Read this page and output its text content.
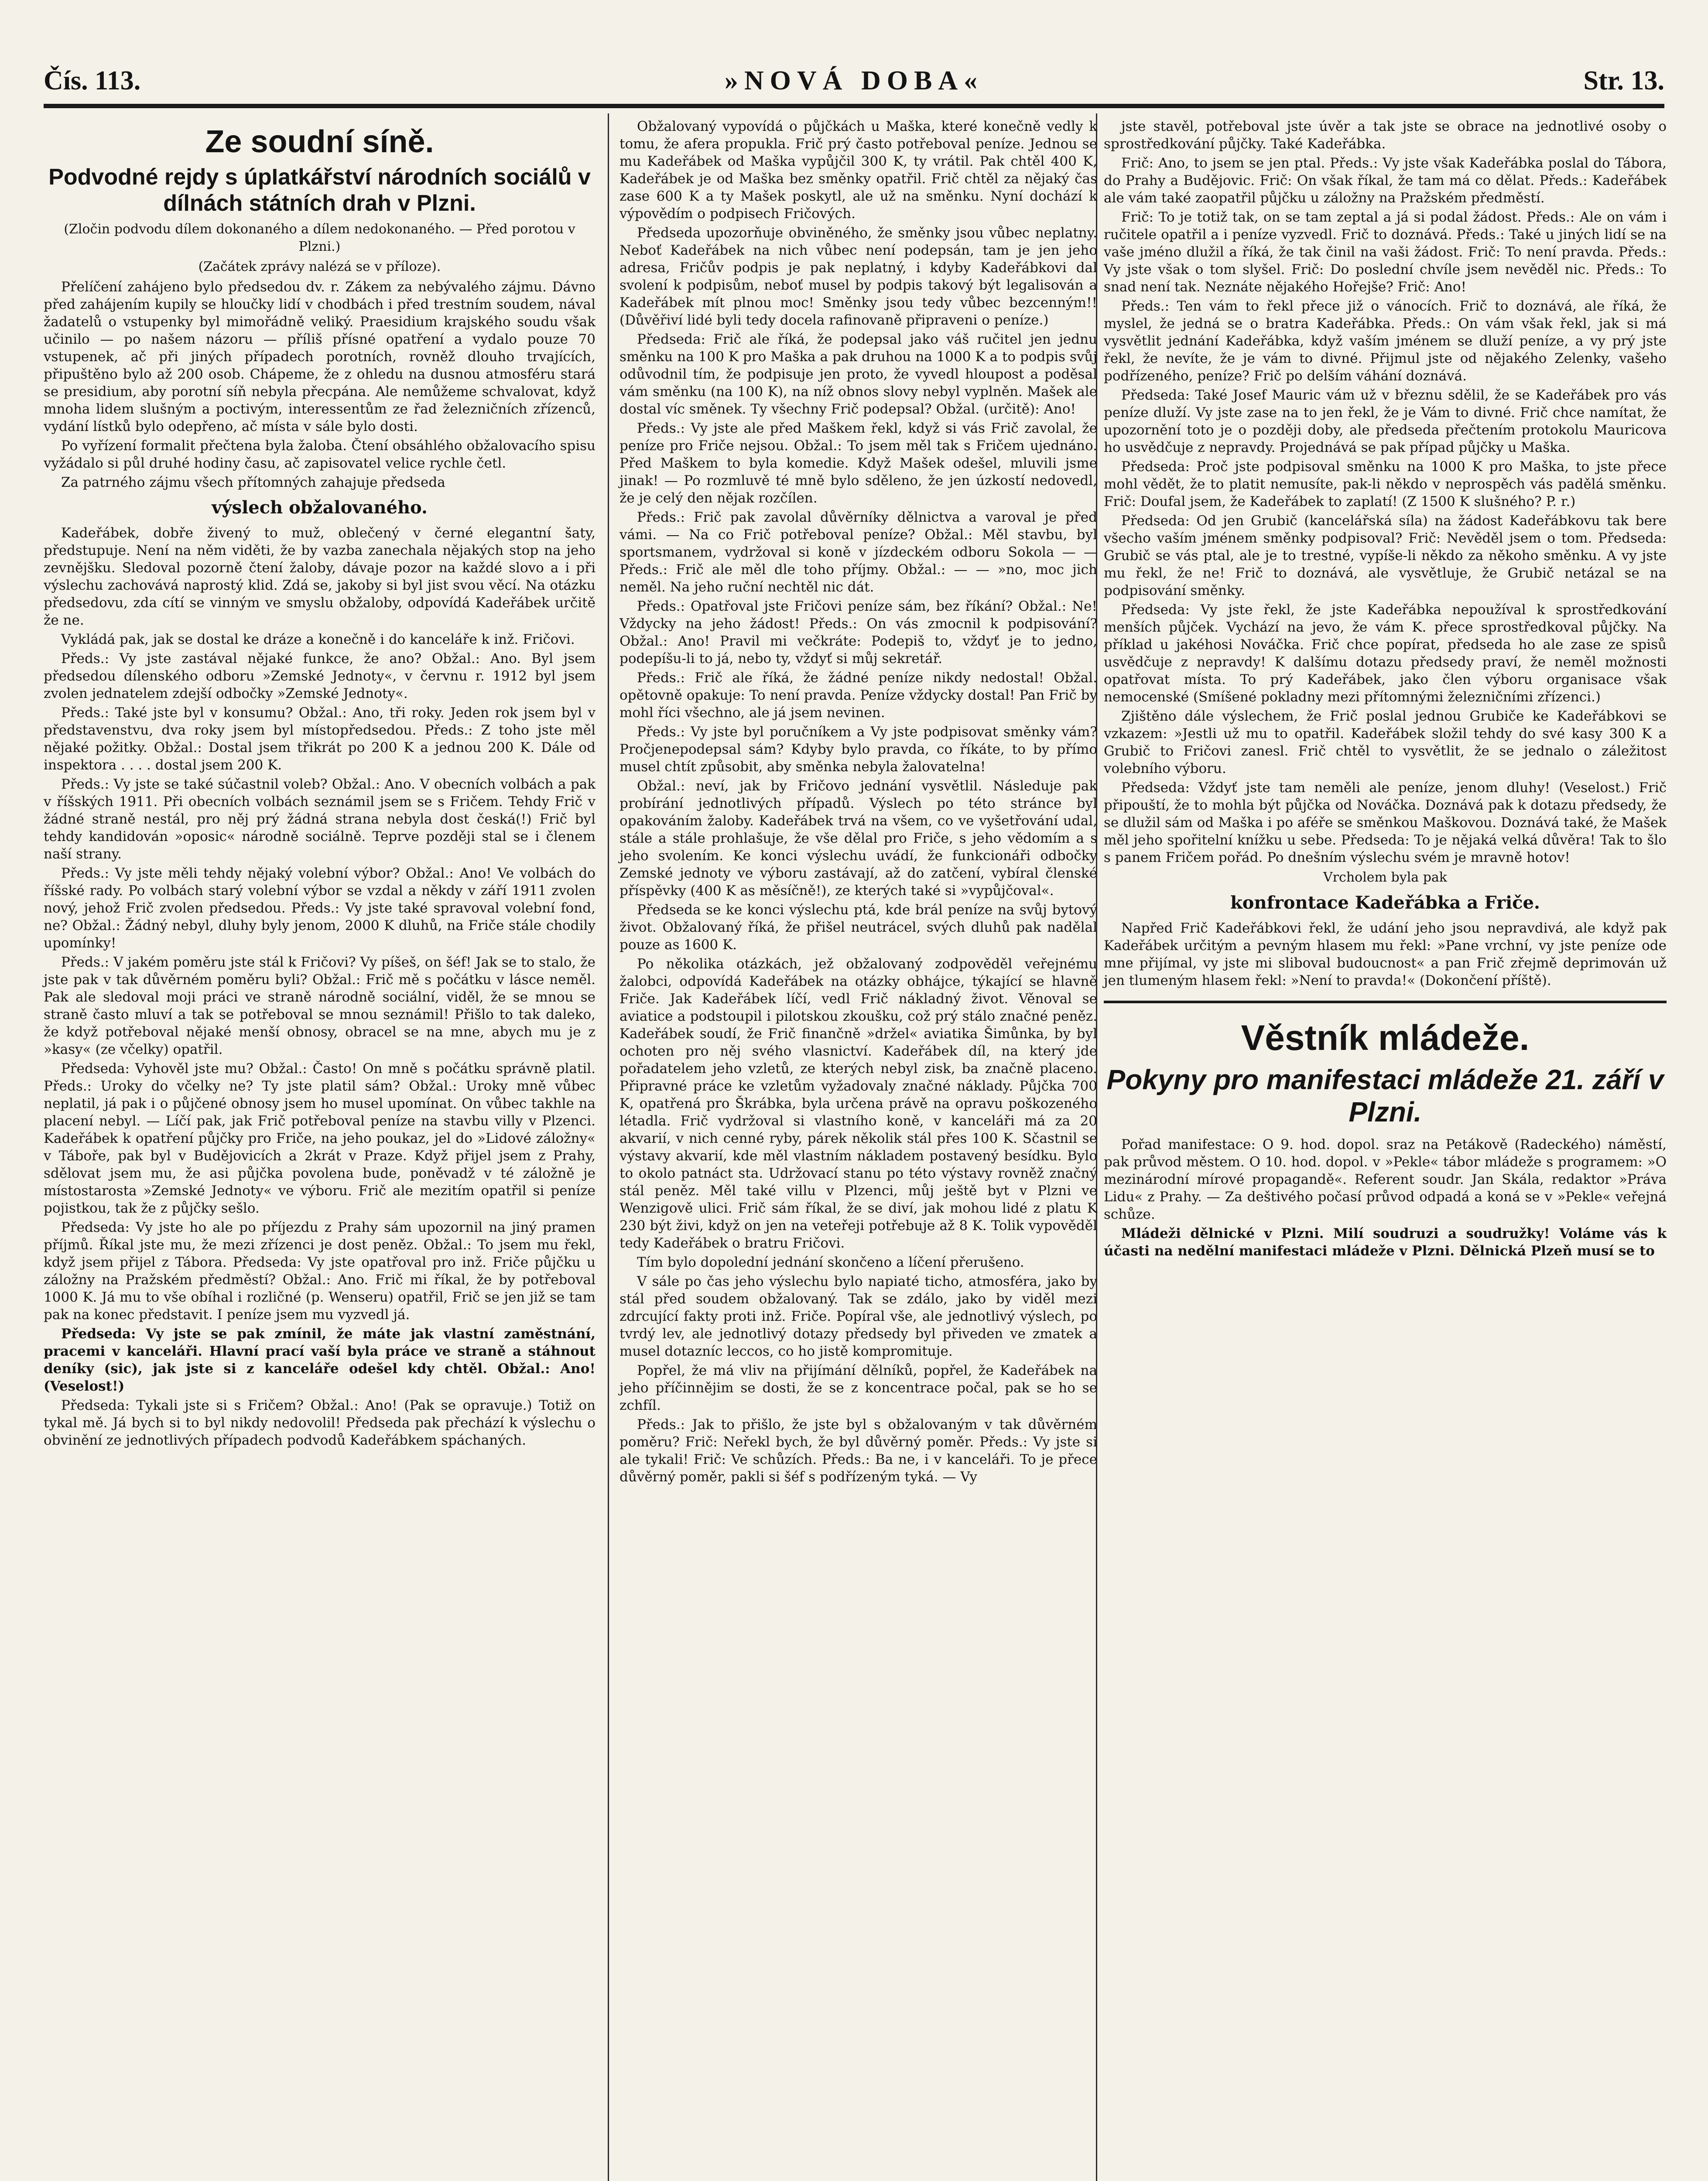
Čís. 113.	»NOVÁ DOBA«	Str. 13.
Ze soudní síně.
Podvodné rejdy s úpIatkářství národních sociálů v dílnách státních drah v Plzni.

(Zločin podvodu dílem dokonaného a dílem nedokonaného. — Před porotou v Plzni.)

(Začátek zprávy nalézá se v příloze).

Přelíčení zahájeno bylo předsedou dv. r. Zákem za nebývalého zájmu. Dávno před zahájením kupily se hloučky lidí v chodbách i před trestním soudem, nával žadatelů o vstupenky byl mimořádně veliký. Praesidium krajského soudu však učinilo — po našem názoru — příliš přísné opatření a vydalo pouze 70 vstupenek, ač při jiných případech porotních, rovněž dlouho trvajících, připuštěno bylo až 200 osob. Chápeme, že z ohledu na dusnou atmosféru stará se presidium, aby porotní síň nebyla přecpána. Ale nemůžeme schvalovat, když mnoha lidem slušným a poctivým, interessentům ze řad železničních zřízenců, vydání lístků bylo odepřeno, ač místa v sále bylo dosti.

Po vyřízení formalit přečtena byla žaloba. Čtení obsáhlého obžalovacího spisu vyžádalo si půl druhé hodiny času, ač zapisovatel velice rychle četl.

Za patrného zájmu všech přítomných zahajuje předseda

výslech obžalovaného.

Kadeřábek, dobře živený to muž, oblečený v černé elegantní šaty, předstupuje. Není na něm viděti, že by vazba zanechala nějakých stop na jeho zevnějšku. Sledoval pozorně čtení žaloby, dávaje pozor na každé slovo a i při výslechu zachovává naprostý klid. Zdá se, jakoby si byl jist svou věcí. Na otázku předsedovu, zda cítí se vinným ve smyslu obžaloby, odpovídá Kadeřábek určitě že ne.

Vykládá pak, jak se dostal ke dráze a konečně i do kanceláře k inž. Fričovi.

Předs.: Vy jste zastával nějaké funkce, že ano? Obžal.: Ano. Byl jsem předsedou dílenského odboru »Zemské Jednoty«, v červnu r. 1912 byl jsem zvolen jednatelem zdejší odbočky »Zemské Jednoty«.

Předs.: Také jste byl v konsumu? Obžal.: Ano, tři roky. Jeden rok jsem byl v představenstvu, dva roky jsem byl místopředsedou. Předs.: Z toho jste měl nějaké požitky. Obžal.: Dostal jsem třikrát po 200 K a jednou 200 K. Dále od inspektora . . . . dostal jsem 200 K.

Předs.: Vy jste se také súčastnil voleb? Obžal.: Ano. V obecních volbách a pak v říšských 1911. Při obecních volbách seznámil jsem se s Fričem. Tehdy Frič v žádné straně nestál, pro něj prý žádná strana nebyla dost česká(!) Frič byl tehdy kandidován »oposic« národně sociálně. Teprve později stal se i členem naší strany.

Předs.: Vy jste měli tehdy nějaký volební výbor? Obžal.: Ano! Ve volbách do říšské rady. Po volbách starý volební výbor se vzdal a někdy v září 1911 zvolen nový, jehož Frič zvolen předsedou. Předs.: Vy jste také spravoval volební fond, ne? Obžal.: Žádný nebyl, dluhy byly jenom, 2000 K dluhů, na Friče stále chodily upomínky!

Předs.: V jakém poměru jste stál k Fričovi? Vy píšeš, on šéf! Jak se to stalo, že jste pak v tak důvěrném poměru byli? Obžal.: Frič mě s počátku v lásce neměl. Pak ale sledoval moji práci ve straně národně sociální, viděl, že se mnou se straně často mluví a tak se potřeboval se mnou seznámil! Přišlo to tak daleko, že když potřeboval nějaké menší obnosy, obracel se na mne, abych mu je z »kasy« (ze včelky) opatřil.

Předseda: Vyhověl jste mu? Obžal.: Často! On mně s počátku správně platil. Předs.: Uroky do včelky ne? Ty jste platil sám? Obžal.: Uroky mně vůbec neplatil, já pak i o půjčené obnosy jsem ho musel upomínat. On vůbec takhle na placení nebyl. — Líčí pak, jak Frič potřeboval peníze na stavbu villy v Plzenci. Kadeřábek k opatření půjčky pro Friče, na jeho poukaz, jel do »Lidové záložny« v Táboře, pak byl v Budějovicích a 2krát v Praze. Když přijel jsem z Prahy, sdělovat jsem mu, že asi půjčka povolena bude, poněvadž v té záložně je místostarosta »Zemské Jednoty« ve výboru. Frič ale mezitím opatřil si peníze pojistkou, tak že z půjčky sešlo.

Předseda: Vy jste ho ale po příjezdu z Prahy sám upozornil na jiný pramen příjmů. Říkal jste mu, že mezi zřízenci je dost peněz. Obžal.: To jsem mu řekl, když jsem přijel z Tábora. Předseda: Vy jste opatřoval pro inž. Friče půjčku u záložny na Pražském předměstí? Obžal.: Ano. Frič mi říkal, že by potřeboval 1000 K. Já mu to vše obíhal i rozličné (p. Wenseru) opatřil, Frič se jen již se tam pak na konec představit. I peníze jsem mu vyzvedl já.

Předseda: Vy jste se pak zmínil, že máte jak vlastní zaměstnání, pracemi v kanceláři. Hlavní prací vaší byla práce ve straně a stáhnout deníky (sic), jak jste si z kanceláře odešel kdy chtěl. Obžal.: Ano! (Veselost!)

Předseda: Tykali jste si s Fričem? Obžal.: Ano! (Pak se opravuje.) Totiž on tykal mě. Já bych si to byl nikdy nedovolil! Předseda pak přechází k výslechu o obvinění ze jednotlivých případech podvodů Kadeřábkem spáchaných.

Obžalovaný vypovídá o půjčkách u Maška, které konečně vedly k tomu, že afera propukla. Frič prý často potřeboval peníze. Jednou se mu Kadeřábek od Maška vypůjčil 300 K, ty vrátil. Pak chtěl 400 K, Kadeřábek je od Maška bez směnky opatřil. Frič chtěl za nějaký čas zase 600 K a ty Mašek poskytl, ale už na směnku. Nyní dochází k výpovědím o podpisech Fričových.

Předseda upozorňuje obviněného, že směnky jsou vůbec neplatny. Neboť Kadeřábek na nich vůbec není podepsán, tam je jen jeho adresa, Fričův podpis je pak neplatný, i kdyby Kadeřábkovi dal svolení k podpisům, neboť musel by podpis takový být legalisován a Kadeřábek mít plnou moc! Směnky jsou tedy vůbec bezcenným!! (Důvěřiví lidé byli tedy docela rafinovaně připraveni o peníze.)

Předseda: Frič ale říká, že podepsal jako váš ručitel jen jednu směnku na 100 K pro Maška a pak druhou na 1000 K a to podpis svůj odůvodnil tím, že podpisuje jen proto, že vyvedl hloupost a poděsal vám směnku (na 100 K), na níž obnos slovy nebyl vyplněn. Mašek ale dostal víc směnek. Ty všechny Frič podepsal? Obžal. (určitě): Ano!

Předs.: Vy jste ale před Maškem řekl, když si vás Frič zavolal, že peníze pro Friče nejsou. Obžal.: To jsem měl tak s Fričem ujednáno. Před Maškem to byla komedie. Když Mašek odešel, mluvili jsme jinak! — Po rozmluvě té mně bylo sděleno, že jen úzkostí nedovedl, že je celý den nějak rozčílen.

Předs.: Frič pak zavolal důvěrníky dělnictva a varoval je před vámi. — Na co Frič potřeboval peníze? Obžal.: Měl stavbu, byl sportsmanem, vydržoval si koně v jízdeckém odboru Sokola — — Předs.: Frič ale měl dle toho příjmy. Obžal.: — — »no, moc jich neměl. Na jeho ruční nechtěl nic dát.

Předs.: Opatřoval jste Fričovi peníze sám, bez říkání? Obžal.: Ne! Vždycky na jeho žádost! Předs.: On vás zmocnil k podpisování? Obžal.: Ano! Pravil mi večkráte: Podepiš to, vždyť je to jedno, podepíšu-li to já, nebo ty, vždyť si můj sekretář.

Předs.: Frič ale říká, že žádné peníze nikdy nedostal! Obžal. opětovně opakuje: To není pravda. Peníze vždycky dostal! Pan Frič by mohl říci všechno, ale já jsem nevinen.

Předs.: Vy jste byl poručníkem a Vy jste podpisovat směnky vám? Pročjenepodepsal sám? Kdyby bylo pravda, co říkáte, to by přímo musel chtít způsobit, aby směnka nebyla žalovatelna!

Obžal.: neví, jak by Fričovo jednání vysvětlil. Následuje pak probírání jednotlivých případů. Výslech po této stránce byl opakováním žaloby. Kadeřábek trvá na všem, co ve vyšetřování udal, stále a stále prohlašuje, že vše dělal pro Friče, s jeho vědomím a s jeho svolením. Ke konci výslechu uvádí, že funkcionáři odbočky Zemské jednoty ve výboru zastávají, až do zatčení, vybíral členské příspěvky (400 K as měsíčně!), ze kterých také si »vypůjčoval«.

Předseda se ke konci výslechu ptá, kde brál peníze na svůj bytový život. Obžalovaný říká, že přišel neutrácel, svých dluhů pak nadělal pouze as 1600 K.

Po několika otázkách, jež obžalovaný zodpověděl veřejnému žalobci, odpovídá Kadeřábek na otázky obhájce, týkající se hlavně Friče. Jak Kadeřábek líčí, vedl Frič nákladný život. Věnoval se aviatice a podstoupil i pilotskou zkoušku, což prý stálo značné peněz. Kadeřábek soudí, že Frič finančně »držel« aviatika Šimůnka, by byl ochoten pro něj svého vlasnictví. Kadeřábek díl, na který jde pořadatelem jeho vzletů, ze kterých nebyl zisk, ba značně placeno. Připravné práce ke vzletům vyžadovaly značné náklady. Půjčka 700 K, opatřená pro Škrábka, byla určena právě na opravu poškozeného létadla. Frič vydržoval si vlastního koně, v kanceláři má za 20 akvarií, v nich cenné ryby, párek několik stál přes 100 K. Sčastnil se výstavy akvarií, kde měl vlastním nákladem postavený besídku. Bylo to okolo patnáct sta. Udržovací stanu po této výstavy rovněž značný stál peněz. Měl také villu v Plzenci, můj ještě byt v Plzni ve Wenzigově ulici. Frič sám říkal, že se diví, jak mohou lidé z platu K 230 být živi, když on jen na veteřeji potřebuje až 8 K. Tolik vypověděl tedy Kadeřábek o bratru Fričovi.

Tím bylo dopolední jednání skončeno a líčení přerušeno.

V sále po čas jeho výslechu bylo napiaté ticho, atmosféra, jako by stál před soudem obžalovaný. Tak se zdálo, jako by viděl mezi zdrcující fakty proti inž. Friče. Popíral vše, ale jednotlivý výslech, po tvrdý lev, ale jednotlivý dotazy předsedy byl přiveden ve zmatek a musel dotazníc leccos, co ho jistě kompromituje.

Popřel, že má vliv na přijímání dělníků, popřel, že Kadeřábek na jeho příčinnějim se dosti, že se z koncentrace počal, pak se ho se zchfíl.

Předs.: Jak to přišlo, že jste byl s obžalovaným v tak důvěrném poměru? Frič: Neřekl bych, že byl důvěrný poměr. Předs.: Vy jste si ale tykali! Frič: Ve schůzích. Předs.: Ba ne, i v kanceláři. To je přece důvěrný poměr, pakli si šéf s podřízeným tyká. — Vy

jste stavěl, potřeboval jste úvěr a tak jste se obrace na jednotlivé osoby o sprostředkování půjčky. Také Kadeřábka.

Frič: Ano, to jsem se jen ptal. Předs.: Vy jste však Kadeřábka poslal do Tábora, do Prahy a Budějovic. Frič: On však říkal, že tam má co dělat. Předs.: Kadeřábek ale vám také zaopatřil půjčku u záložny na Pražském předměstí.

Frič: To je totiž tak, on se tam zeptal a já si podal žádost. Předs.: Ale on vám i ručitele opatřil a i peníze vyzvedl. Frič to doznává. Předs.: Také u jiných lidí se na vaše jméno dlužil a říká, že tak činil na vaši žádost. Frič: To není pravda. Předs.: Vy jste však o tom slyšel. Frič: Do poslední chvíle jsem nevěděl nic. Předs.: To snad není tak. Neznáte nějakého Hořejše? Frič: Ano!

Předs.: Ten vám to řekl přece již o vánocích. Frič to doznává, ale říká, že myslel, že jedná se o bratra Kadeřábka. Předs.: On vám však řekl, jak si má vysvětlit jednání Kadeřábka, když vaším jménem se dluží peníze, a vy prý jste řekl, že nevíte, že je vám to divné. Přijmul jste od nějakého Zelenky, vašeho podřízeného, peníze? Frič po delším váhání doznává.

Předseda: Také Josef Mauric vám už v březnu sdělil, že se Kadeřábek pro vás peníze dluží. Vy jste zase na to jen řekl, že je Vám to divné. Frič chce namítat, že upozornění toto je o později doby, ale předseda přečtením protokolu Mauricova ho usvědčuje z nepravdy. Projednává se pak případ půjčky u Maška.

Předseda: Proč jste podpisoval směnku na 1000 K pro Maška, to jste přece mohl vědět, že to platit nemusíte, pak-li někdo v neprospěch vás padělá směnku. Frič: Doufal jsem, že Kadeřábek to zaplatí! (Z 1500 K slušného? P. r.)

Předseda: Od jen Grubič (kancelářská síla) na žádost Kadeřábkovu tak bere všecho vaším jménem směnky podpisoval? Frič: Nevěděl jsem o tom. Předseda: Grubič se vás ptal, ale je to trestné, vypíše-li někdo za někoho směnku. A vy jste mu řekl, že ne! Frič to doznává, ale vysvětluje, že Grubič netázal se na podpisování směnky.

Předseda: Vy jste řekl, že jste Kadeřábka nepoužíval k sprostředkování menších půjček. Vychází na jevo, že vám K. přece sprostředkoval půjčky. Na příklad u jakéhosi Nováčka. Frič chce popírat, předseda ho ale zase ze spisů usvědčuje z nepravdy! K dalšímu dotazu předsedy praví, že neměl možnosti opatřovat místa. To prý Kadeřábek, jako člen výboru organisace však nemocenské (Smíšené pokladny mezi přítomnými železničními zřízenci.)

Zjištěno dále výslechem, že Frič poslal jednou Grubiče ke Kadeřábkovi se vzkazem: »Jestli už mu to opatřil. Kadeřábek složil tehdy do své kasy 300 K a Grubič to Fričovi zanesl. Frič chtěl to vysvětlit, že se jednalo o záležitost volebního výboru.

Předseda: Vždyť jste tam neměli ale peníze, jenom dluhy! (Veselost.) Frič připouští, že to mohla být půjčka od Nováčka. Doznává pak k dotazu předsedy, že se dlužil sám od Maška i po aféře se směnkou Maškovou. Doznává také, že Mašek měl jeho spořitelní knížku u sebe. Předseda: To je nějaká velká důvěra! Tak to šlo s panem Fričem pořád. Po dnešním výslechu svém je mravně hotov!

Vrcholem byla pak

konfrontace Kadeřábka a Friče.

Napřed Frič Kadeřábkovi řekl, že udání jeho jsou nepravdivá, ale když pak Kadeřábek určitým a pevným hlasem mu řekl: »Pane vrchní, vy jste peníze ode mne přijímal, vy jste mi sliboval budoucnost« a pan Frič zřejmě deprimován už jen tlumeným hlasem řekl: »Není to pravda!« (Dokončení příště).

Věstník mládeže.
Pokyny pro manifestaci mládeže 21. září v Plzni.

Pořad manifestace: O 9. hod. dopol. sraz na Petákově (Radeckého) náměstí, pak průvod městem. O 10. hod. dopol. v »Pekle« tábor mládeže s programem: »O mezinárodní mírové propagandě«. Referent soudr. Jan Skála, redaktor »Práva Lidu« z Prahy. — Za deštivého počasí průvod odpadá a koná se v »Pekle« veřejná schůze.

Mládeži dělnické v Plzni. Milí soudruzi a soudružky! Voláme vás k účasti na nedělní manifestaci mládeže v Plzni. Dělnická Plzeň musí se to
